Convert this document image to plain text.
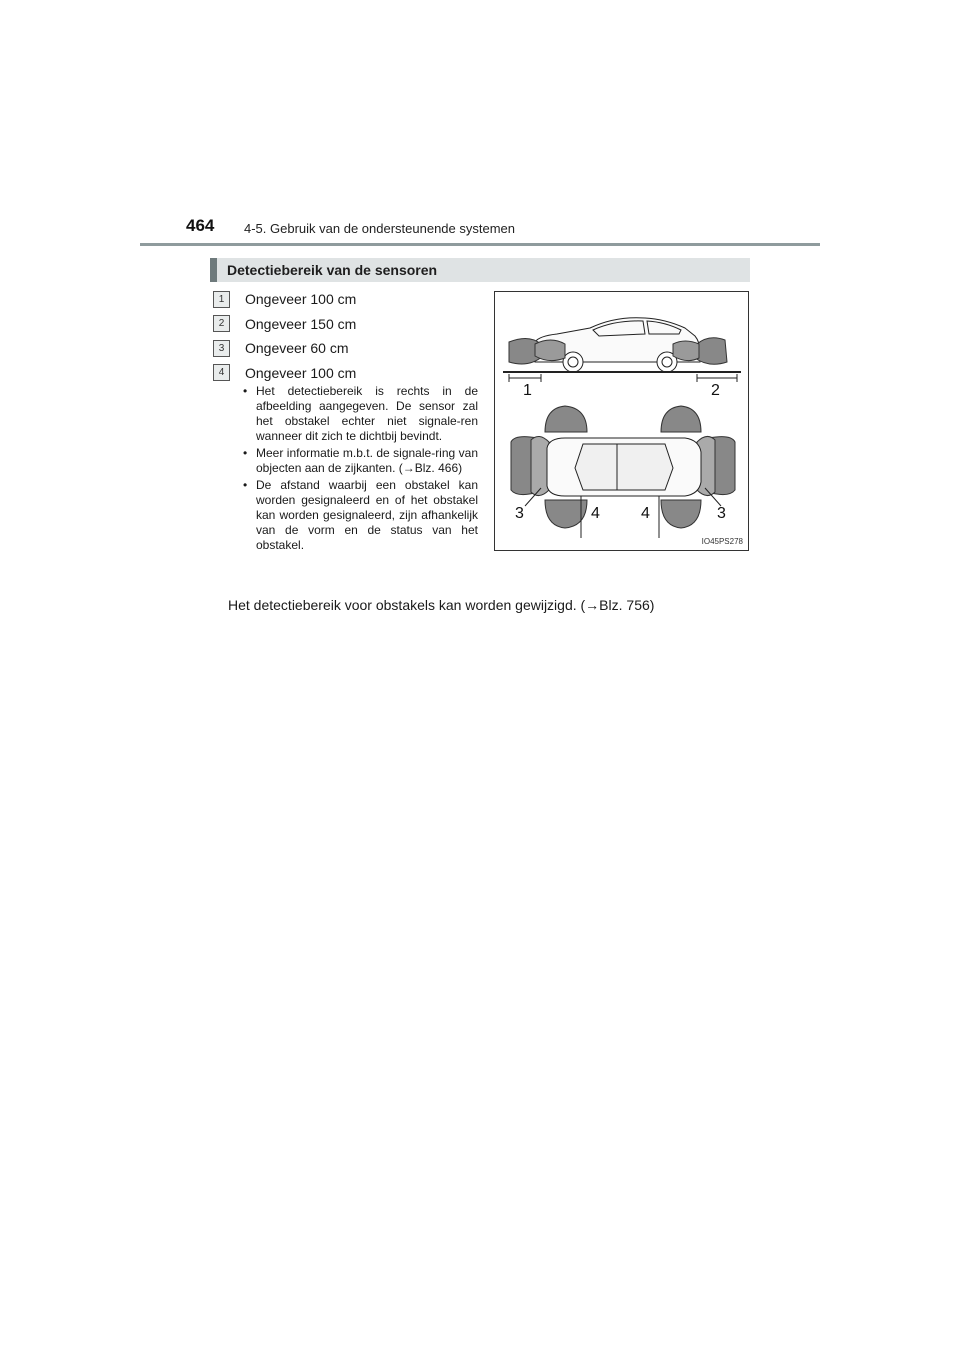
464 4-5. Gebruik van de ondersteunende systemen
Detectiebereik van de sensoren
1	Ongeveer 100 cm
2	Ongeveer 150 cm
3	Ongeveer 60 cm
4	Ongeveer 100 cm
• Het detectiebereik is rechts in de afbeelding aangegeven. De sensor zal het obstakel echter niet signale-ren wanneer dit zich te dichtbij bevindt.
• Meer informatie m.b.t. de signale-ring van objecten aan de zijkanten. (→Blz. 466)
• De afstand waarbij een obstakel kan worden gesignaleerd en of het obstakel kan worden gesignaleerd, zijn afhankelijk van de vorm en de status van het obstakel.
Het detectiebereik voor obstakels kan worden gewijzigd. (→Blz. 756)
1	2
3	4	4	3
IO45PS278
